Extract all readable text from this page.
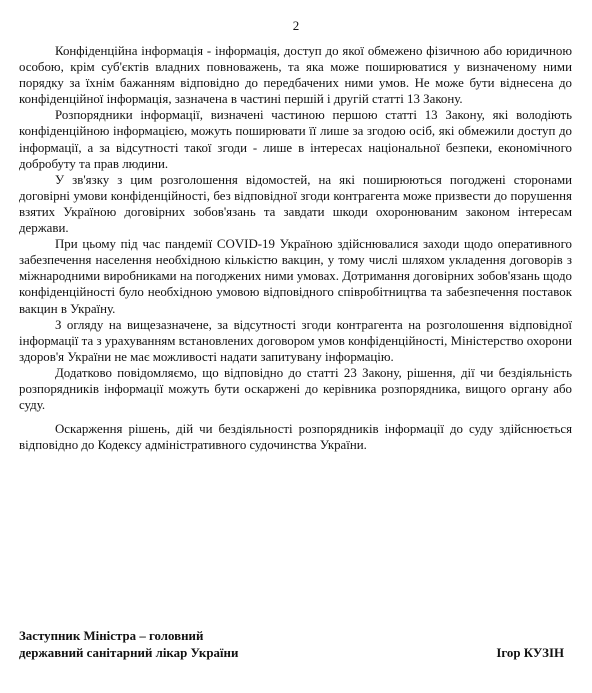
2

Конфіденційна інформація - інформація, доступ до якої обмежено фізичною або юридичною особою, крім суб'єктів владних повноважень, та яка може поширюватися у визначеному ними порядку за їхнім бажанням відповідно до передбачених ними умов. Не може бути віднесена до конфіденційної інформація, зазначена в частині першій і другій статті 13 Закону.

Розпорядники інформації, визначені частиною першою статті 13 Закону, які володіють конфіденційною інформацією, можуть поширювати її лише за згодою осіб, які обмежили доступ до інформації, а за відсутності такої згоди - лише в інтересах національної безпеки, економічного добробуту та прав людини.

У зв'язку з цим розголошення відомостей, на які поширюються погоджені сторонами договірні умови конфіденційності, без відповідної згоди контрагента може призвести до порушення взятих Україною договірних зобов'язань та завдати шкоди охоронюваним законом інтересам держави.

При цьому під час пандемії COVID-19 Україною здійснювалися заходи щодо оперативного забезпечення населення необхідною кількістю вакцин, у тому числі шляхом укладення договорів з міжнародними виробниками на погоджених ними умовах. Дотримання договірних зобов'язань щодо конфіденційності було необхідною умовою відповідного співробітництва та забезпечення поставок вакцин в Україну.

З огляду на вищезазначене, за відсутності згоди контрагента на розголошення відповідної інформації та з урахуванням встановлених договором умов конфіденційності, Міністерство охорони здоров'я України не має можливості надати запитувану інформацію.

Додатково повідомляємо, що відповідно до статті 23 Закону, рішення, дії чи бездіяльність розпорядників інформації можуть бути оскаржені до керівника розпорядника, вищого органу або суду.

Оскарження рішень, дій чи бездіяльності розпорядників інформації до суду здійснюється відповідно до Кодексу адміністративного судочинства України.

Заступник Міністра – головний
державний санітарний лікар України	Ігор КУЗІН
